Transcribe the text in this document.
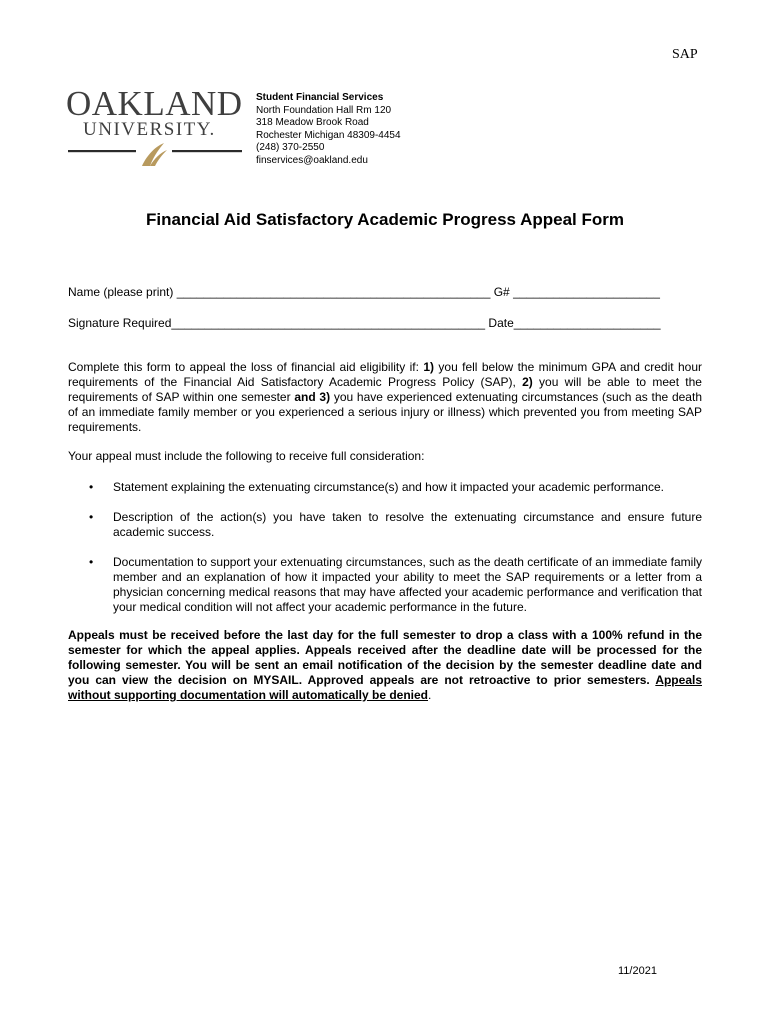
SAP
OAKLAND
UNIVERSITY.
Student Financial Services
North Foundation Hall Rm 120
318 Meadow Brook Road
Rochester Michigan 48309-4454
(248) 370-2550
finservices@oakland.edu
Financial Aid Satisfactory Academic Progress Appeal Form
Name (please print) _______________________________________________ G# ______________________
Signature Required_______________________________________________ Date______________________
Complete this form to appeal the loss of financial aid eligibility if: 1) you fell below the minimum GPA and credit hour requirements of the Financial Aid Satisfactory Academic Progress Policy (SAP), 2) you will be able to meet the requirements of SAP within one semester and 3) you have experienced extenuating circumstances (such as the death of an immediate family member or you experienced a serious injury or illness) which prevented you from meeting SAP requirements.
Your appeal must include the following to receive full consideration:
• Statement explaining the extenuating circumstance(s) and how it impacted your academic performance.
• Description of the action(s) you have taken to resolve the extenuating circumstance and ensure future academic success.
• Documentation to support your extenuating circumstances, such as the death certificate of an immediate family member and an explanation of how it impacted your ability to meet the SAP requirements or a letter from a physician concerning medical reasons that may have affected your academic performance and verification that your medical condition will not affect your academic performance in the future.
Appeals must be received before the last day for the full semester to drop a class with a 100% refund in the semester for which the appeal applies. Appeals received after the deadline date will be processed for the following semester. You will be sent an email notification of the decision by the semester deadline date and you can view the decision on MYSAIL. Approved appeals are not retroactive to prior semesters. Appeals without supporting documentation will automatically be denied.
11/2021
